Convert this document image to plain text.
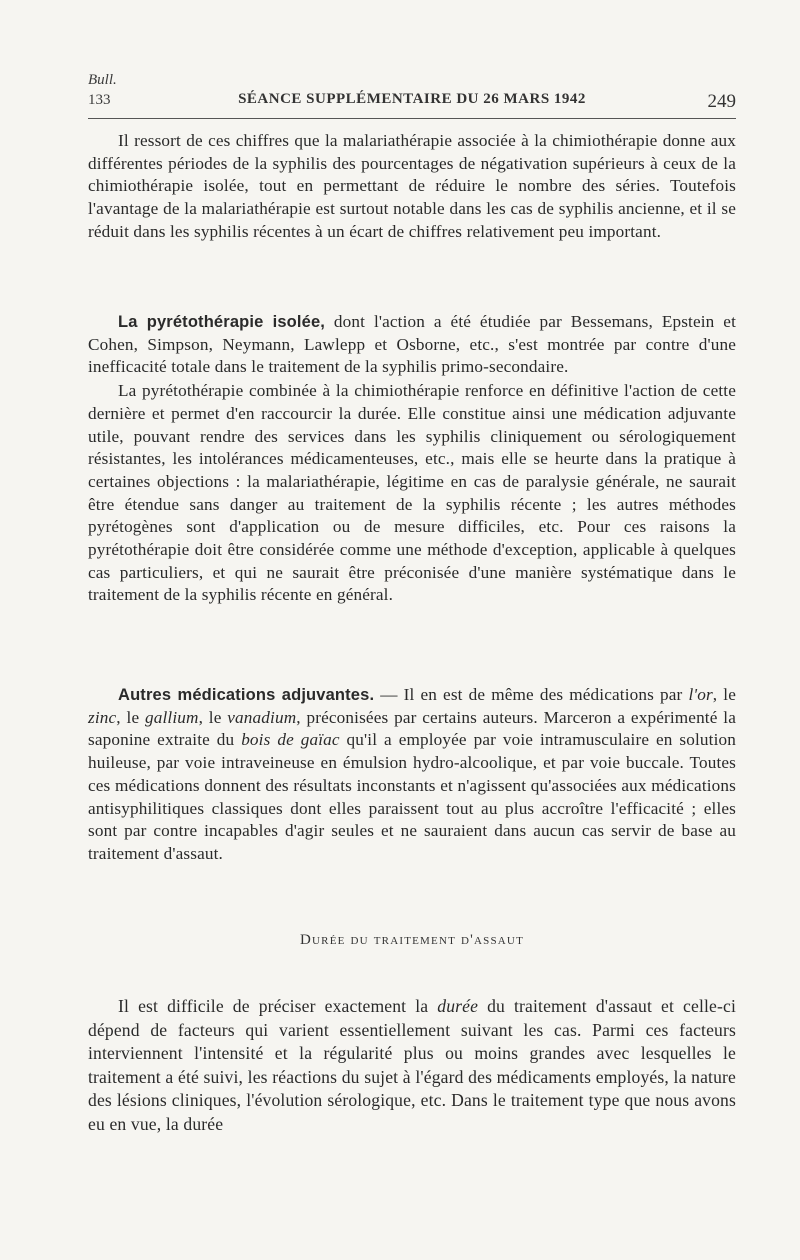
Bull.
133	SÉANCE SUPPLÉMENTAIRE DU 26 MARS 1942	249

Il ressort de ces chiffres que la malariathérapie associée à la chimiothérapie donne aux différentes périodes de la syphilis des pourcentages de négativation supérieurs à ceux de la chimiothérapie isolée, tout en permettant de réduire le nombre des séries. Toutefois l'avantage de la malariathérapie est surtout notable dans les cas de syphilis ancienne, et il se réduit dans les syphilis récentes à un écart de chiffres relativement peu important.

La pyrétothérapie isolée, dont l'action a été étudiée par Bessemans, Epstein et Cohen, Simpson, Neymann, Lawlepp et Osborne, etc., s'est montrée par contre d'une inefficacité totale dans le traitement de la syphilis primo-secondaire.

La pyrétothérapie combinée à la chimiothérapie renforce en définitive l'action de cette dernière et permet d'en raccourcir la durée. Elle constitue ainsi une médication adjuvante utile, pouvant rendre des services dans les syphilis cliniquement ou sérologiquement résistantes, les intolérances médicamenteuses, etc., mais elle se heurte dans la pratique à certaines objections : la malariathérapie, légitime en cas de paralysie générale, ne saurait être étendue sans danger au traitement de la syphilis récente ; les autres méthodes pyrétogènes sont d'application ou de mesure difficiles, etc. Pour ces raisons la pyrétothérapie doit être considérée comme une méthode d'exception, applicable à quelques cas particuliers, et qui ne saurait être préconisée d'une manière systématique dans le traitement de la syphilis récente en général.

Autres médications adjuvantes. — Il en est de même des médications par l'or, le zinc, le gallium, le vanadium, préconisées par certains auteurs. Marceron a expérimenté la saponine extraite du bois de gaïac qu'il a employée par voie intramusculaire en solution huileuse, par voie intraveineuse en émulsion hydro-alcoolique, et par voie buccale. Toutes ces médications donnent des résultats inconstants et n'agissent qu'associées aux médications antisyphilitiques classiques dont elles paraissent tout au plus accroître l'efficacité ; elles sont par contre incapables d'agir seules et ne sauraient dans aucun cas servir de base au traitement d'assaut.

Durée du traitement d'assaut

Il est difficile de préciser exactement la durée du traitement d'assaut et celle-ci dépend de facteurs qui varient essentiellement suivant les cas. Parmi ces facteurs interviennent l'intensité et la régularité plus ou moins grandes avec lesquelles le traitement a été suivi, les réactions du sujet à l'égard des médicaments employés, la nature des lésions cliniques, l'évolution sérologique, etc. Dans le traitement type que nous avons eu en vue, la durée
